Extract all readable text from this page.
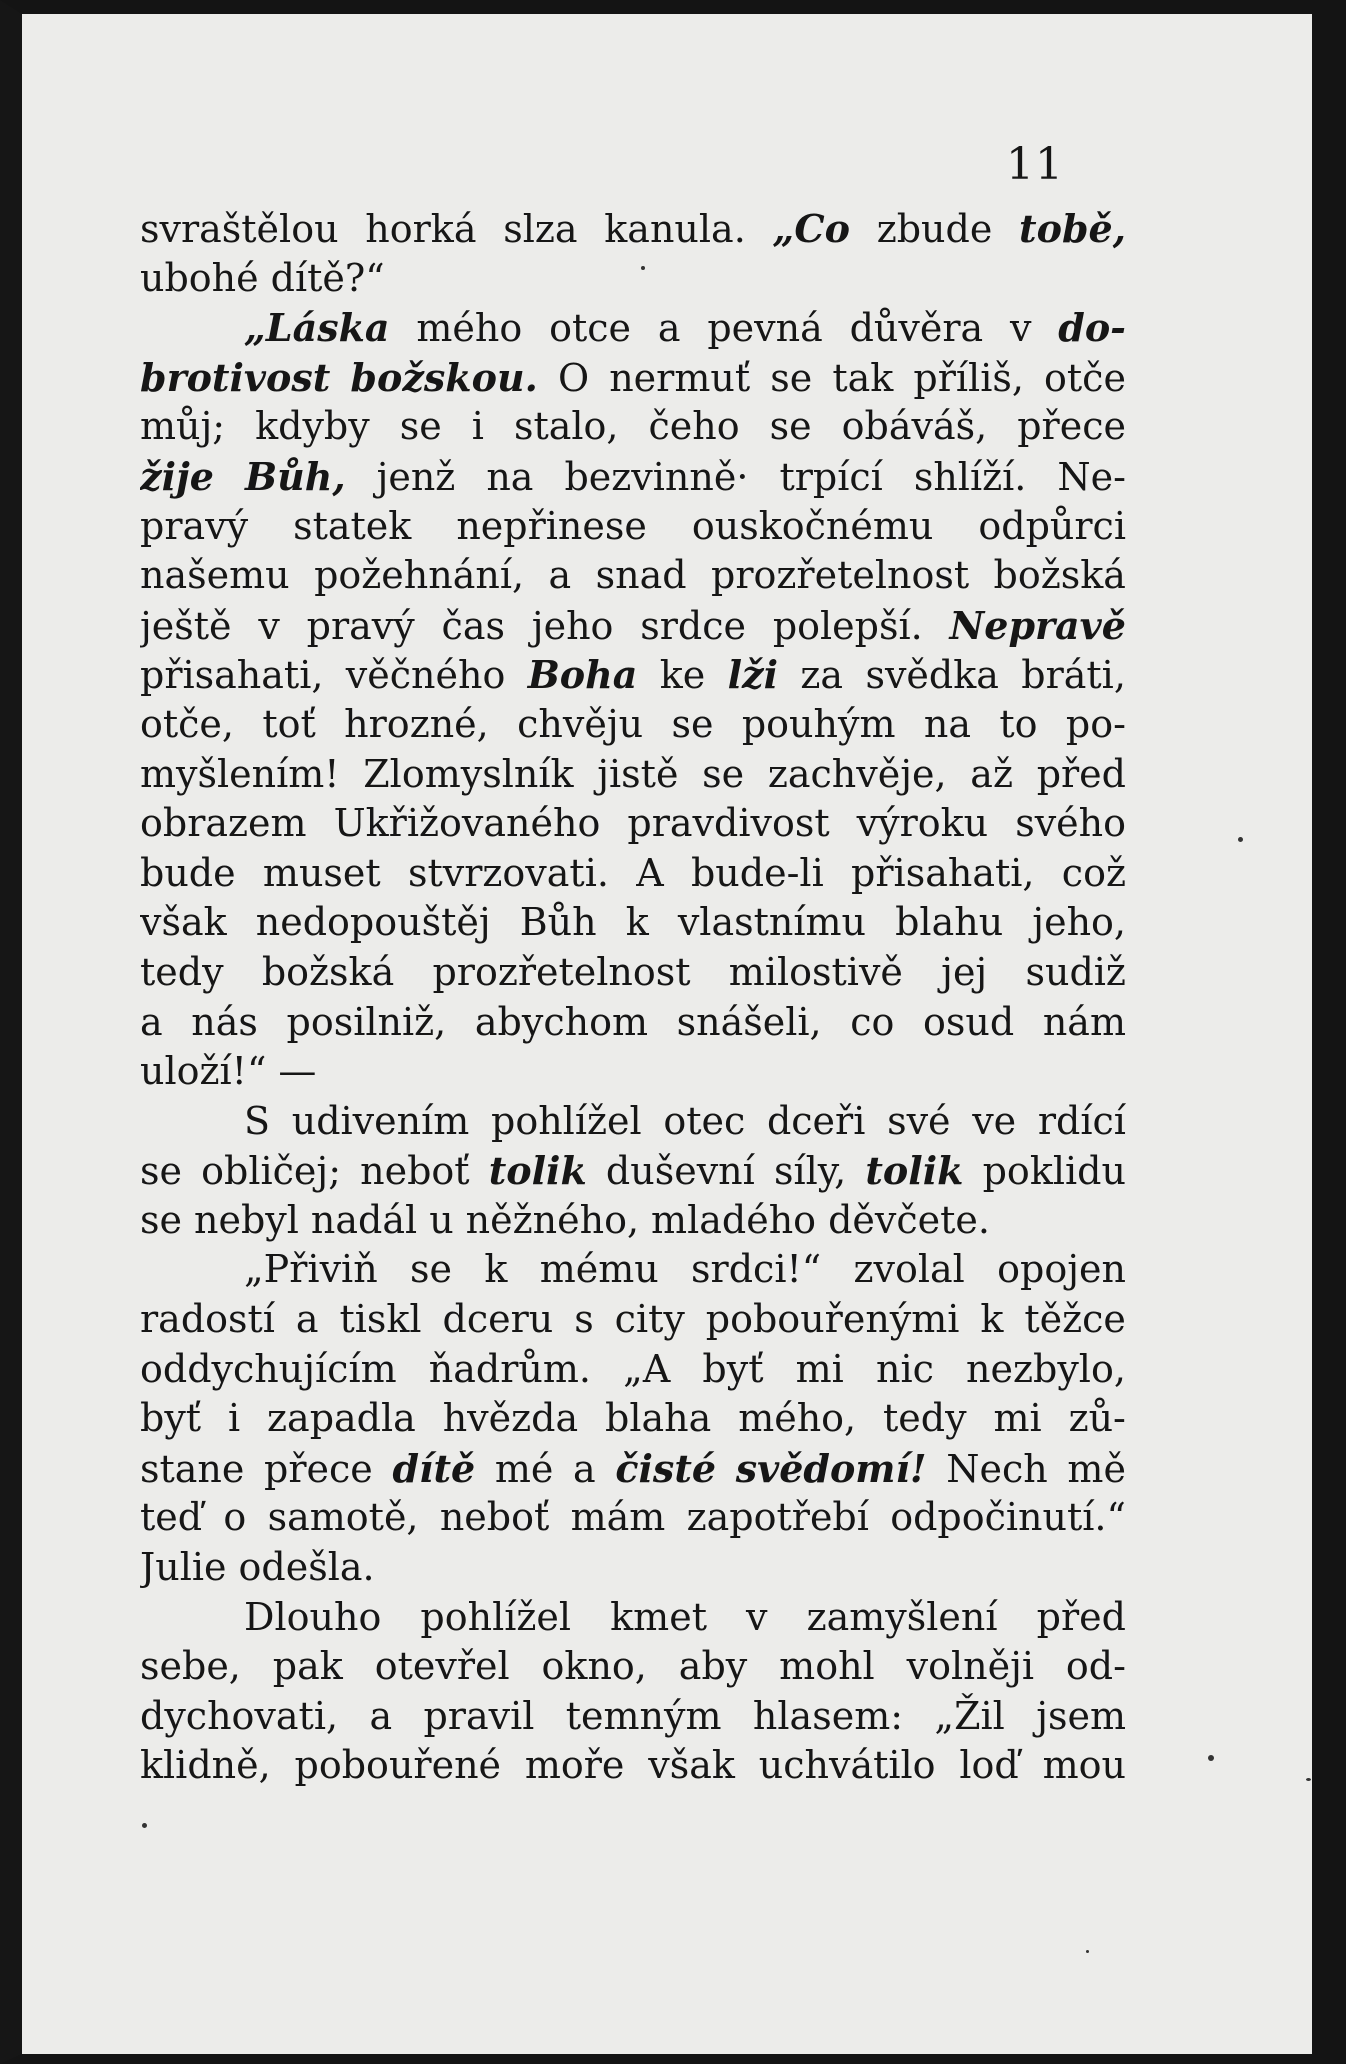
11
svraštělou horká slza kanula. „Co zbude tobě,
ubohé dítě?“
„Láska mého otce a pevná důvěra v do-
brotivost božskou. O nermuť se tak příliš, otče
můj; kdyby se i stalo, čeho se obáváš, přece
žije Bůh, jenž na bezvinně· trpící shlíží. Ne-
pravý statek nepřinese ouskočnému odpůrci
našemu požehnání, a snad prozřetelnost božská
ještě v pravý čas jeho srdce polepší. Nepravě
přisahati, věčného Boha ke lži za svědka bráti,
otče, toť hrozné, chvěju se pouhým na to po-
myšlením! Zlomyslník jistě se zachvěje, až před
obrazem Ukřižovaného pravdivost výroku svého
bude muset stvrzovati. A bude-li přisahati, což
však nedopouštěj Bůh k vlastnímu blahu jeho,
tedy božská prozřetelnost milostivě jej sudiž
a nás posilniž, abychom snášeli, co osud nám
uloží!“ —
S udivením pohlížel otec dceři své ve rdící
se obličej; neboť tolik duševní síly, tolik poklidu
se nebyl nadál u něžného, mladého děvčete.
„Přiviň se k mému srdci!“ zvolal opojen
radostí a tiskl dceru s city pobouřenými k těžce
oddychujícím ňadrům. „A byť mi nic nezbylo,
byť i zapadla hvězda blaha mého, tedy mi zů-
stane přece dítě mé a čisté svědomí! Nech mě
teď o samotě, neboť mám zapotřebí odpočinutí.“
Julie odešla.
Dlouho pohlížel kmet v zamyšlení před
sebe, pak otevřel okno, aby mohl volněji od-
dychovati, a pravil temným hlasem: „Žil jsem
klidně, pobouřené moře však uchvátilo loď mou
